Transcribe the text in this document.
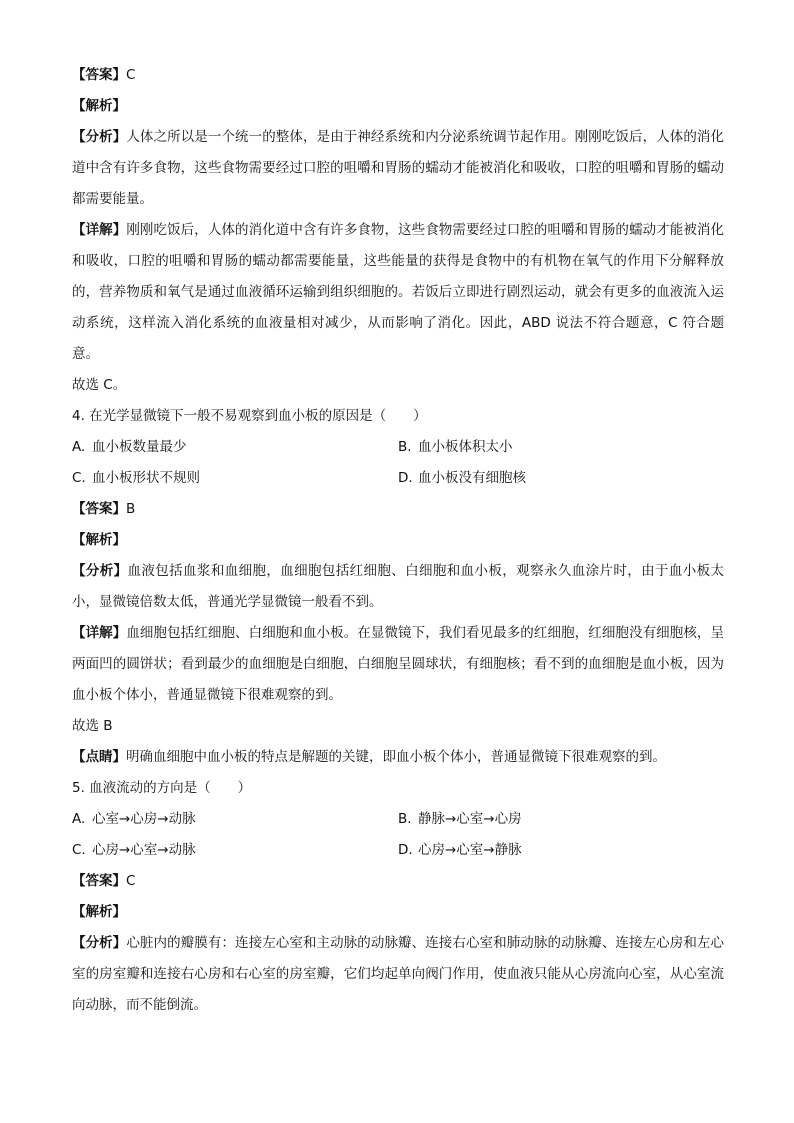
【答案】C
【解析】
【分析】人体之所以是一个统一的整体，是由于神经系统和内分泌系统调节起作用。刚刚吃饭后，人体的消化道中含有许多食物，这些食物需要经过口腔的咀嚼和胃肠的蠕动才能被消化和吸收，口腔的咀嚼和胃肠的蠕动都需要能量。
【详解】刚刚吃饭后，人体的消化道中含有许多食物，这些食物需要经过口腔的咀嚼和胃肠的蠕动才能被消化和吸收，口腔的咀嚼和胃肠的蠕动都需要能量，这些能量的获得是食物中的有机物在氧气的作用下分解释放的，营养物质和氧气是通过血液循环运输到组织细胞的。若饭后立即进行剧烈运动，就会有更多的血液流入运动系统，这样流入消化系统的血液量相对减少，从而影响了消化。因此，ABD 说法不符合题意，C 符合题意。
故选 C。
4. 在光学显微镜下一般不易观察到血小板的原因是（　　）
A. 血小板数量最少	B. 血小板体积太小
C. 血小板形状不规则	D. 血小板没有细胞核
【答案】B
【解析】
【分析】血液包括血浆和血细胞，血细胞包括红细胞、白细胞和血小板，观察永久血涂片时，由于血小板太小，显微镜倍数太低，普通光学显微镜一般看不到。
【详解】血细胞包括红细胞、白细胞和血小板。在显微镜下，我们看见最多的红细胞，红细胞没有细胞核，呈两面凹的圆饼状；看到最少的血细胞是白细胞，白细胞呈圆球状，有细胞核；看不到的血细胞是血小板，因为血小板个体小，普通显微镜下很难观察的到。
故选 B
【点睛】明确血细胞中血小板的特点是解题的关键，即血小板个体小，普通显微镜下很难观察的到。
5. 血液流动的方向是（　　）
A. 心室→心房→动脉	B. 静脉→心室→心房
C. 心房→心室→动脉	D. 心房→心室→静脉
【答案】C
【解析】
【分析】心脏内的瓣膜有：连接左心室和主动脉的动脉瓣、连接右心室和肺动脉的动脉瓣、连接左心房和左心室的房室瓣和连接右心房和右心室的房室瓣，它们均起单向阀门作用，使血液只能从心房流向心室，从心室流向动脉，而不能倒流。
